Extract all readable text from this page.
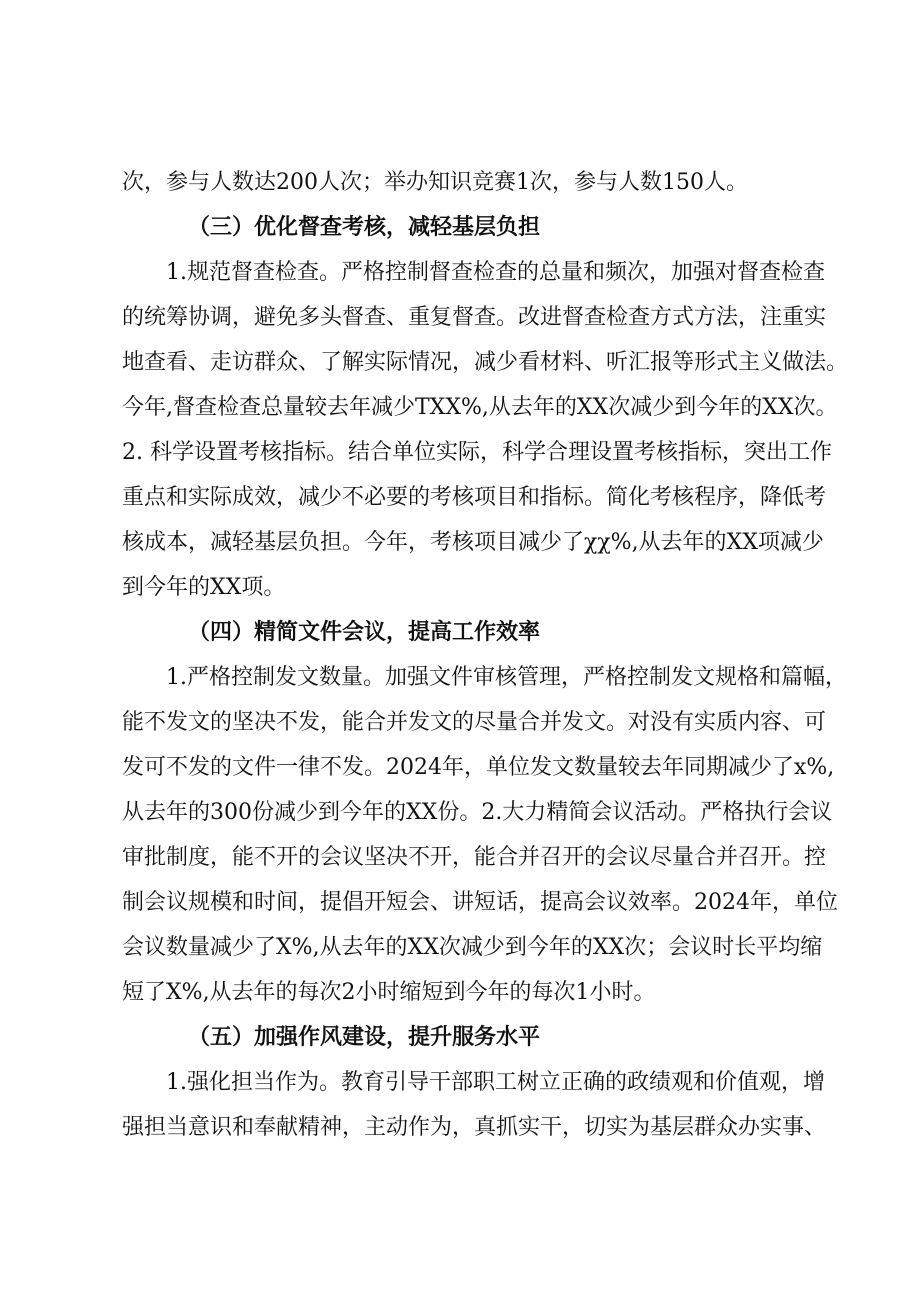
次，参与人数达200人次；举办知识竞赛1次，参与人数150人。
（三）优化督查考核，减轻基层负担
1.规范督查检查。严格控制督查检查的总量和频次，加强对督查检查
的统筹协调，避免多头督查、重复督查。改进督查检查方式方法，注重实
地查看、走访群众、了解实际情况，减少看材料、听汇报等形式主义做法。
今年,督查检查总量较去年减少TXX%,从去年的XX次减少到今年的XX次。
2. 科学设置考核指标。结合单位实际，科学合理设置考核指标，突出工作
重点和实际成效，减少不必要的考核项目和指标。简化考核程序，降低考
核成本，减轻基层负担。今年，考核项目减少了χχ%,从去年的XX项减少
到今年的XX项。
（四）精简文件会议，提高工作效率
1.严格控制发文数量。加强文件审核管理，严格控制发文规格和篇幅，
能不发文的坚决不发，能合并发文的尽量合并发文。对没有实质内容、可
发可不发的文件一律不发。2024年，单位发文数量较去年同期减少了x%,
从去年的300份减少到今年的XX份。2.大力精简会议活动。严格执行会议
审批制度，能不开的会议坚决不开，能合并召开的会议尽量合并召开。控
制会议规模和时间，提倡开短会、讲短话，提高会议效率。2024年，单位
会议数量减少了X%,从去年的XX次减少到今年的XX次；会议时长平均缩
短了X%,从去年的每次2小时缩短到今年的每次1小时。
（五）加强作风建设，提升服务水平
1.强化担当作为。教育引导干部职工树立正确的政绩观和价值观，增
强担当意识和奉献精神，主动作为，真抓实干，切实为基层群众办实事、
